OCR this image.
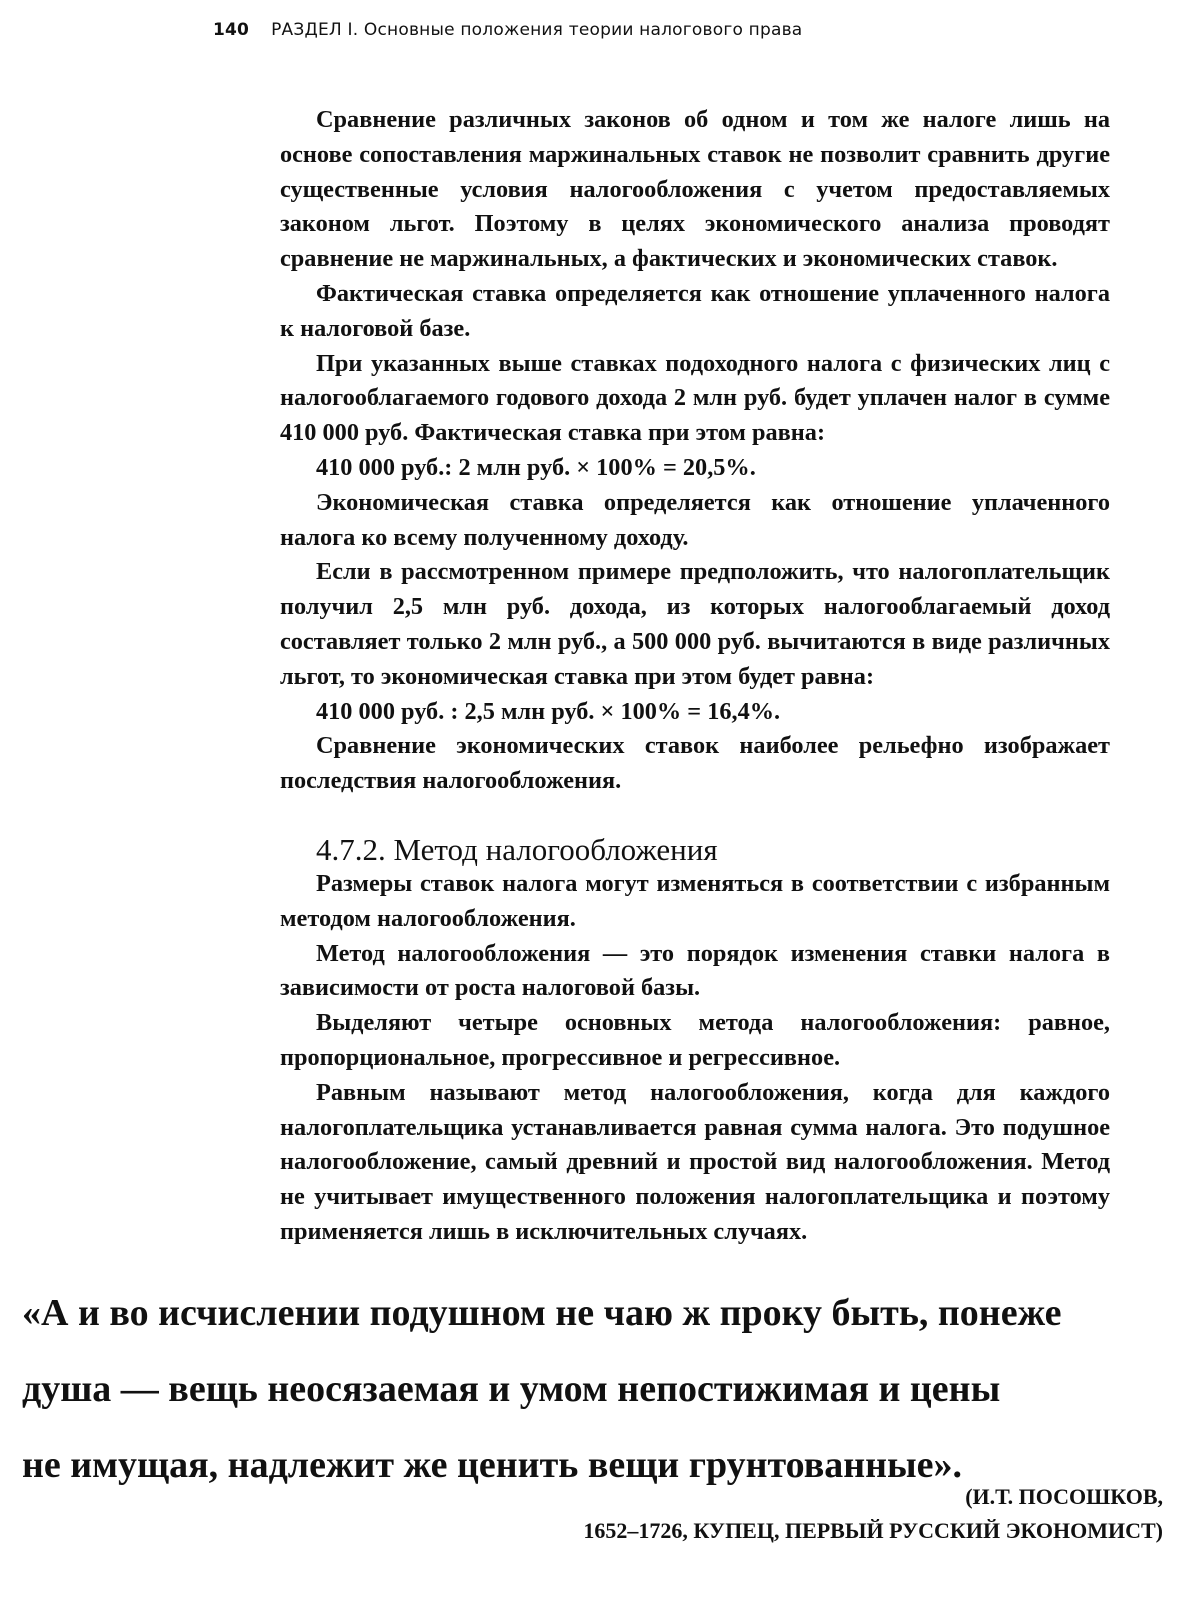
140 РАЗДЕЛ I. Основные положения теории налогового права

Сравнение различных законов об одном и том же налоге лишь на основе сопоставления маржинальных ставок не позволит сравнить другие существенные условия налогообложения с учетом предоставляемых законом льгот. Поэтому в целях экономического анализа проводят сравнение не маржинальных, а фактических и экономических ставок.

Фактическая ставка определяется как отношение уплаченного налога к налоговой базе.

При указанных выше ставках подоходного налога с физических лиц с налогооблагаемого годового дохода 2 млн руб. будет уплачен налог в сумме 410 000 руб. Фактическая ставка при этом равна:

410 000 руб.: 2 млн руб. × 100% = 20,5%.

Экономическая ставка определяется как отношение уплаченного налога ко всему полученному доходу.

Если в рассмотренном примере предположить, что налогоплательщик получил 2,5 млн руб. дохода, из которых налогооблагаемый доход составляет только 2 млн руб., а 500 000 руб. вычитаются в виде различных льгот, то экономическая ставка при этом будет равна:

410 000 руб. : 2,5 млн руб. × 100% = 16,4%.

Сравнение экономических ставок наиболее рельефно изображает последствия налогообложения.

4.7.2. Метод налогообложения

Размеры ставок налога могут изменяться в соответствии с избранным методом налогообложения.

Метод налогообложения — это порядок изменения ставки налога в зависимости от роста налоговой базы.

Выделяют четыре основных метода налогообложения: равное, пропорциональное, прогрессивное и регрессивное.

Равным называют метод налогообложения, когда для каждого налогоплательщика устанавливается равная сумма налога. Это подушное налогообложение, самый древний и простой вид налогообложения. Метод не учитывает имущественного положения налогоплательщика и поэтому применяется лишь в исключительных случаях.

«А и во исчислении подушном не чаю ж проку быть, понеже
душа — вещь неосязаемая и умом непостижимая и цены
не имущая, надлежит же ценить вещи грунтованные».
(И.Т. ПОСОШКОВ,
1652–1726, КУПЕЦ, ПЕРВЫЙ РУССКИЙ ЭКОНОМИСТ)
